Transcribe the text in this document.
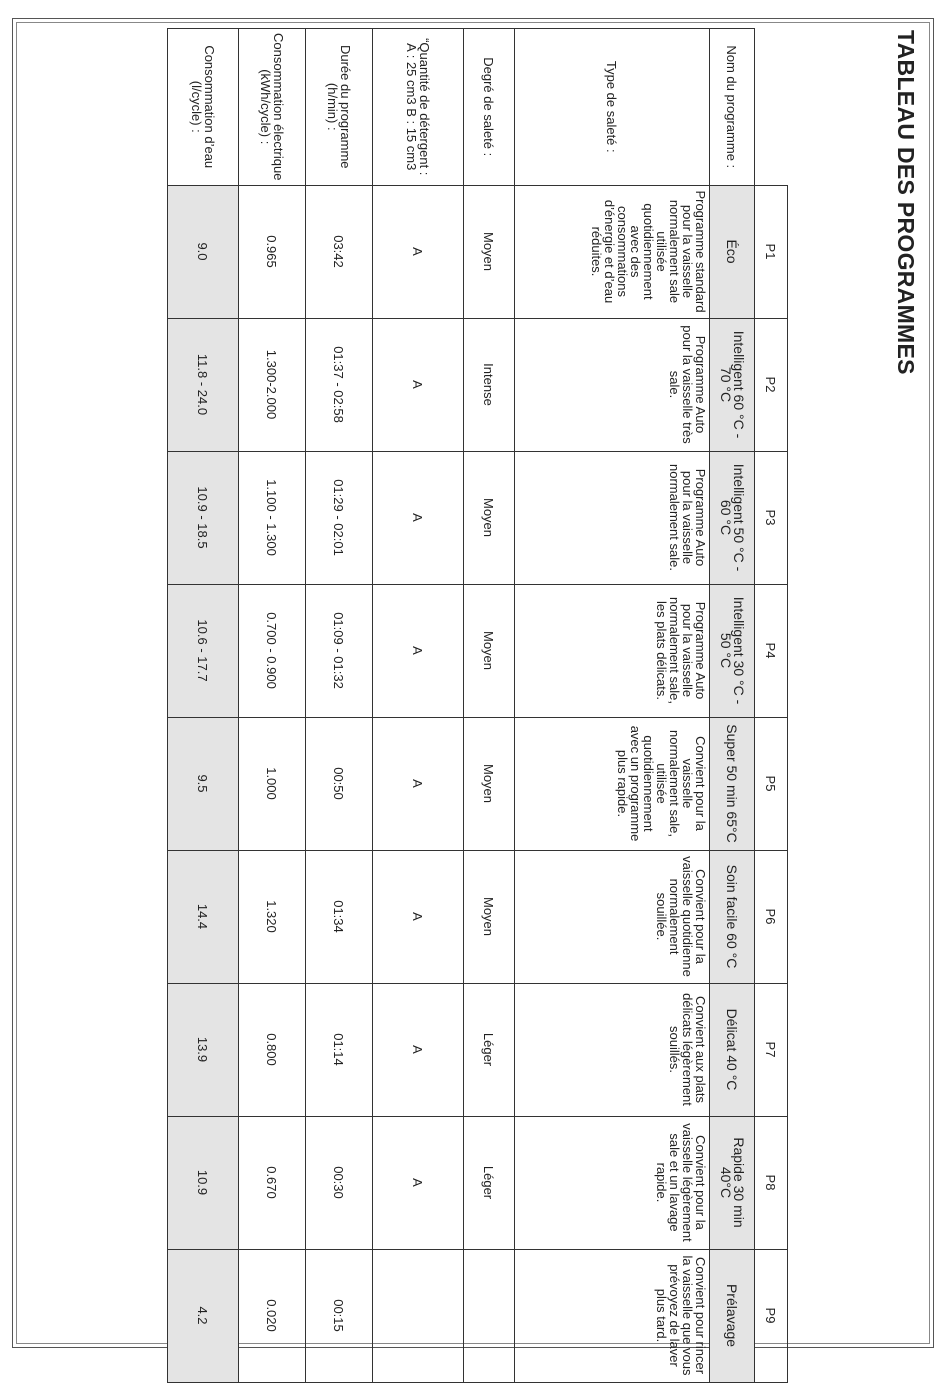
TABLEAU DES PROGRAMMES
	P1	P2	P3	P4	P5	P6	P7	P8	P9
Nom du programme :	Éco	Intelligent 60 °C - 70 °C	Intelligent 50 °C - 60 °C	Intelligent 30 °C - 50 °C	Super 50 min 65°C	Soin facile 60 °C	Délicat 40 °C	Rapide 30 min 40°C	Prélavage
Type de saleté :	Programme standard pour la vaisselle normalement sale utilisée quotidiennement avec des consommations d’énergie et d’eau réduites.	Programme Auto pour la vaisselle très sale.	Programme Auto pour la vaisselle normalement sale.	Programme Auto pour la vaisselle normalement sale, les plats délicats.	Convient pour la vaisselle normalement sale, utilisée quotidiennement avec un programme plus rapide.	Convient pour la vaisselle quotidienne normalement souillée.	Convient aux plats délicats légèrement souillés.	Convient pour la vaisselle légèrement sale et un lavage rapide.	Convient pour rincer la vaisselle que vous prévoyez de laver plus tard.
Degré de saleté :	Moyen	Intense	Moyen	Moyen	Moyen	Moyen	Léger	Léger	
“Quantité de détergent : A : 25 cm3 B : 15 cm3	A	A	A	A	A	A	A	A	
Durée du programme (h/min) :	03:42	01:37 - 02:58	01:29 - 02:01	01:09 - 01:32	00:50	01:34	01:14	00:30	00:15
Consommation électrique (kWh/cycle) :	0.965	1.300-2.000	1.100 - 1.300	0.700 - 0.900	1.000	1.320	0.800	0.670	0.020
Consommation d’eau (l/cycle) :	9.0	11.8 - 24.0	10.9 - 18.5	10.6 - 17.7	9.5	14.4	13.9	10.9	4.2
